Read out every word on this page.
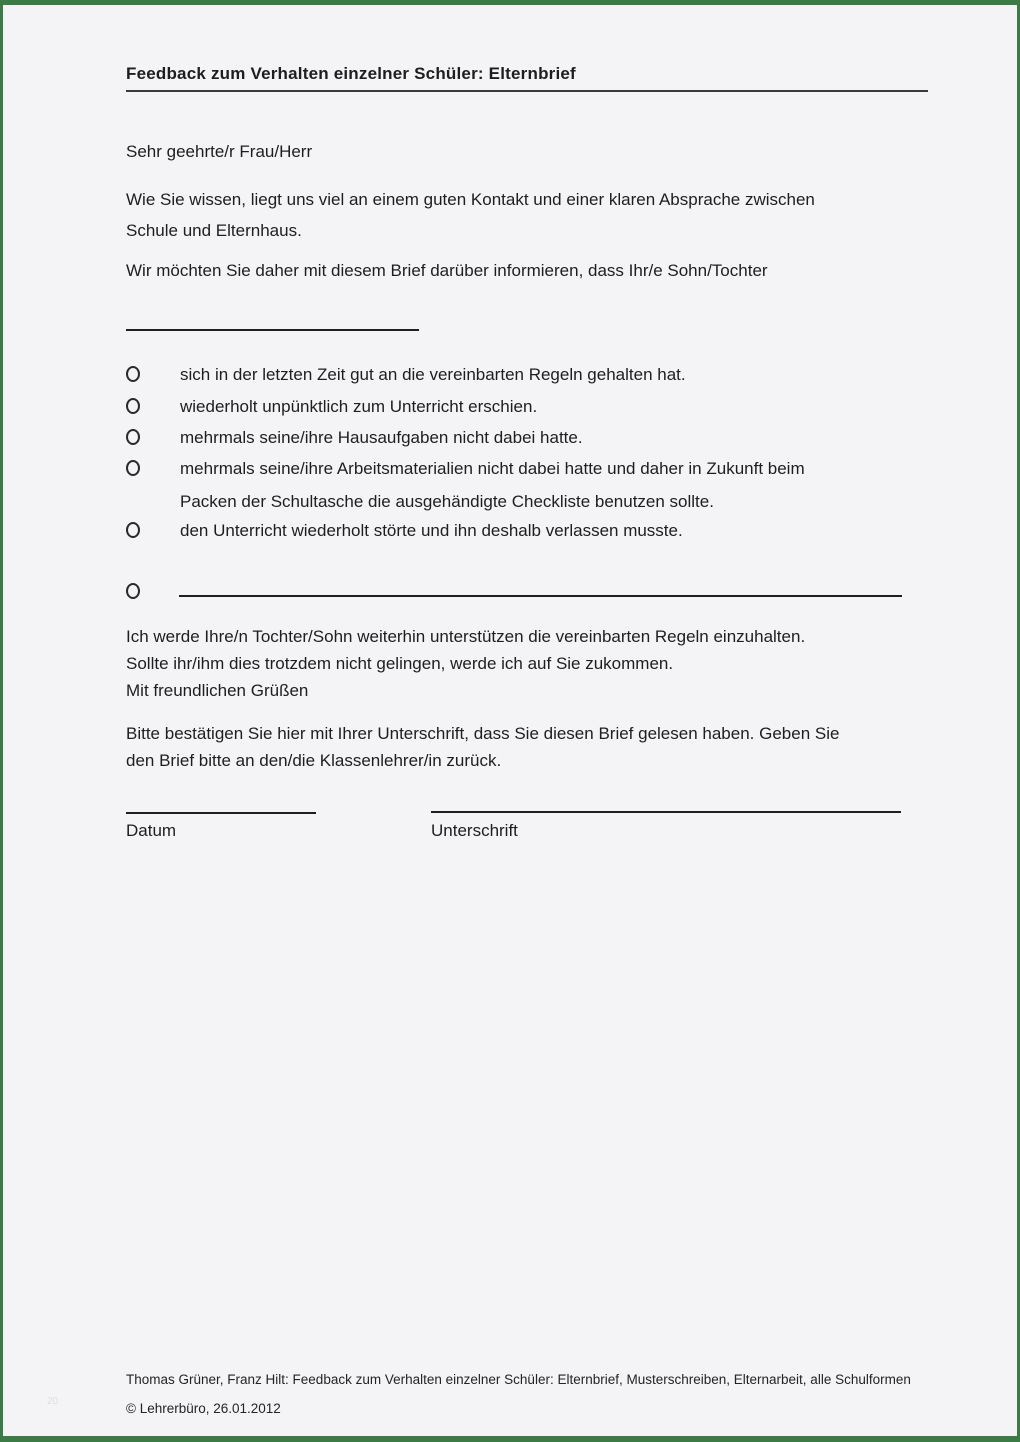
Feedback zum Verhalten einzelner Schüler: Elternbrief
Sehr geehrte/r Frau/Herr
Wie Sie wissen, liegt uns viel an einem guten Kontakt und einer klaren Absprache zwischen
Schule und Elternhaus.
Wir möchten Sie daher mit diesem Brief darüber informieren, dass Ihr/e Sohn/Tochter
sich in der letzten Zeit gut an die vereinbarten Regeln gehalten hat.
wiederholt unpünktlich zum Unterricht erschien.
mehrmals seine/ihre Hausaufgaben nicht dabei hatte.
mehrmals seine/ihre Arbeitsmaterialien nicht dabei hatte und daher in Zukunft beim
Packen der Schultasche die ausgehändigte Checkliste benutzen sollte.
den Unterricht wiederholt störte und ihn deshalb verlassen musste.
Ich werde Ihre/n Tochter/Sohn weiterhin unterstützen die vereinbarten Regeln einzuhalten.
Sollte ihr/ihm dies trotzdem nicht gelingen, werde ich auf Sie zukommen.
Mit freundlichen Grüßen
Bitte bestätigen Sie hier mit Ihrer Unterschrift, dass Sie diesen Brief gelesen haben. Geben Sie
den Brief bitte an den/die Klassenlehrer/in zurück.
Datum	Unterschrift
20
Thomas Grüner, Franz Hilt: Feedback zum Verhalten einzelner Schüler: Elternbrief, Musterschreiben, Elternarbeit, alle Schulformen
© Lehrerbüro, 26.01.2012
